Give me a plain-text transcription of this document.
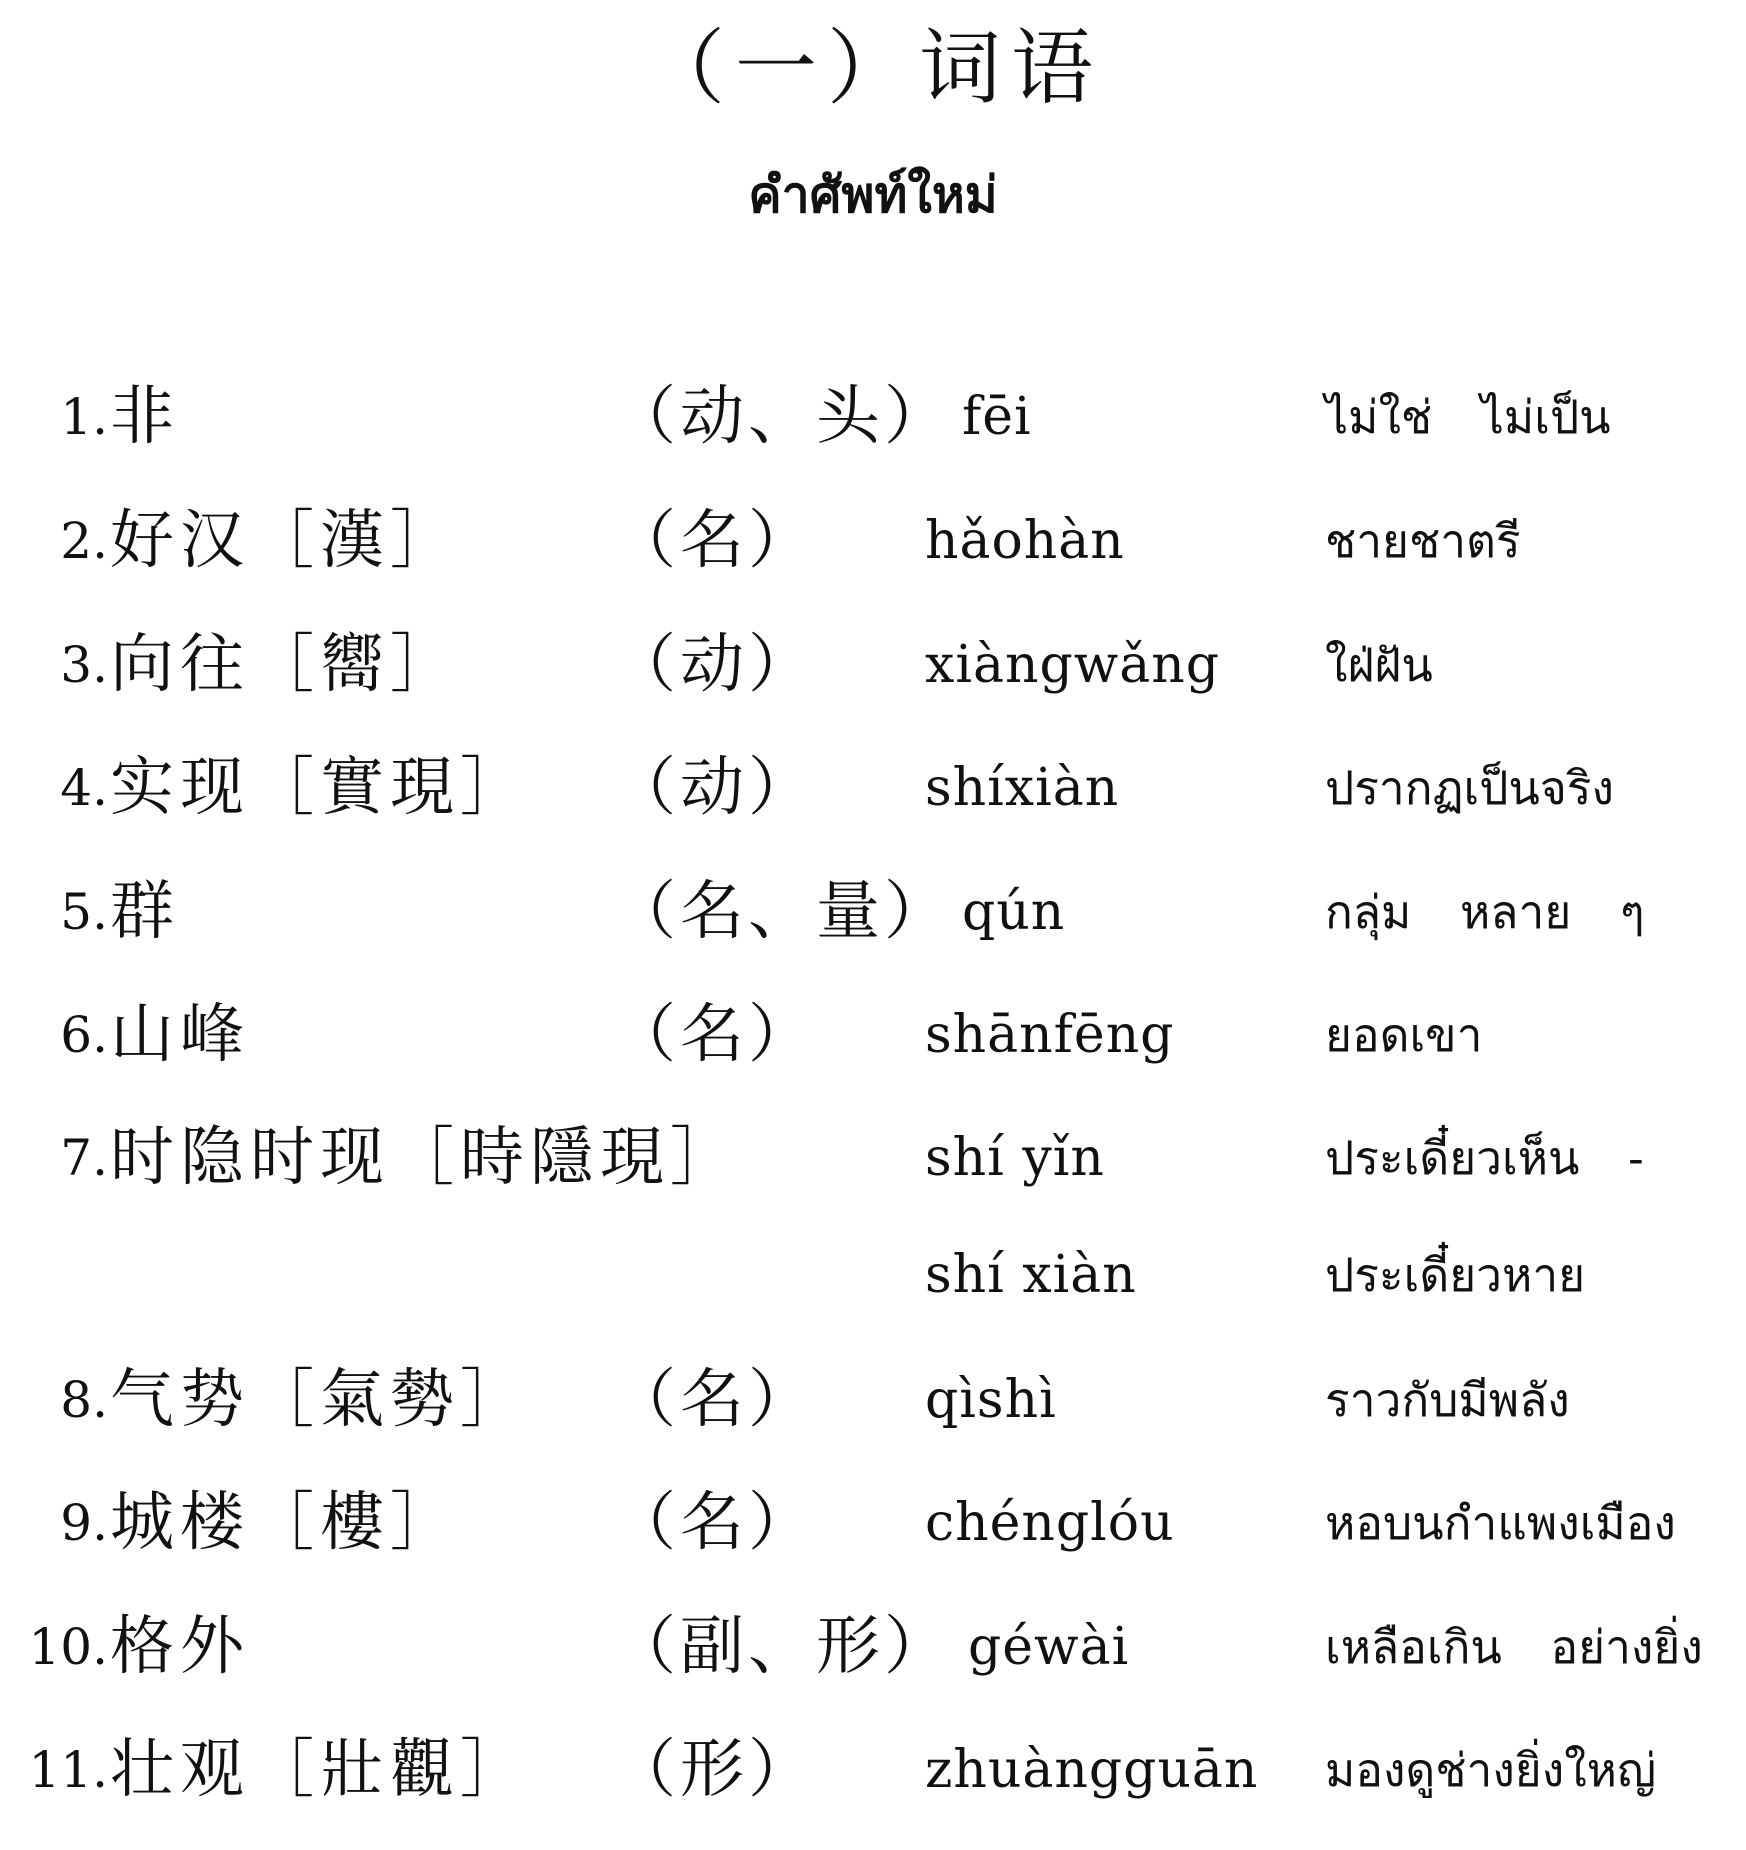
（一）词语
คำศัพท์ใหม่
1. 非	（动、头） fēi	ไม่ใช่ ไม่เป็น
2. 好汉［漢］ （名） hǎohàn	ชายชาตรี
3. 向往［嚮］ （动） xiàngwǎng ใฝ่ฝัน
4. 实现［實現］ （动） shíxiàn	ปรากฏเป็นจริง
5. 群	（名、量） qún	กลุ่ม หลาย ๆ
6. 山峰	（名） shānfēng	ยอดเขา
7. 时隐时现［時隱現］	shí yǐn	ประเดี๋ยวเห็น -
shí xiàn	ประเดี๋ยวหาย
8. 气势［氣勢］ （名） qìshì	ราวกับมีพลัง
9. 城楼［樓］ （名） chénglóu	หอบนกำแพงเมือง
10. 格外	（副、形） géwài	เหลือเกิน อย่างยิ่ง
11. 壮观［壯觀］ （形） zhuàngguān มองดูช่างยิ่งใหญ่
